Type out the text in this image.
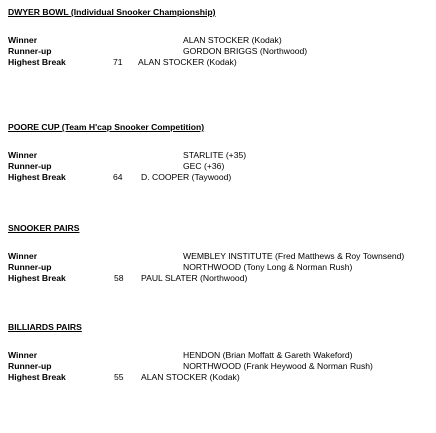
DWYER BOWL (Individual Snooker Championship)
Winner	ALAN STOCKER (Kodak)
Runner-up	GORDON BRIGGS (Northwood)
Highest Break	71 ALAN STOCKER (Kodak)
POORE CUP (Team H'cap Snooker Competition)
Winner	STARLITE (+35)
Runner-up	GEC (+36)
Highest Break	64 D. COOPER (Taywood)
SNOOKER PAIRS
Winner	WEMBLEY INSTITUTE (Fred Matthews & Roy Townsend)
Runner-up	NORTHWOOD (Tony Long & Norman Rush)
Highest Break	58 PAUL SLATER (Northwood)
BILLIARDS PAIRS
Winner	HENDON (Brian Moffatt & Gareth Wakeford)
Runner-up	NORTHWOOD (Frank Heywood & Norman Rush)
Highest Break	55 ALAN STOCKER (Kodak)
